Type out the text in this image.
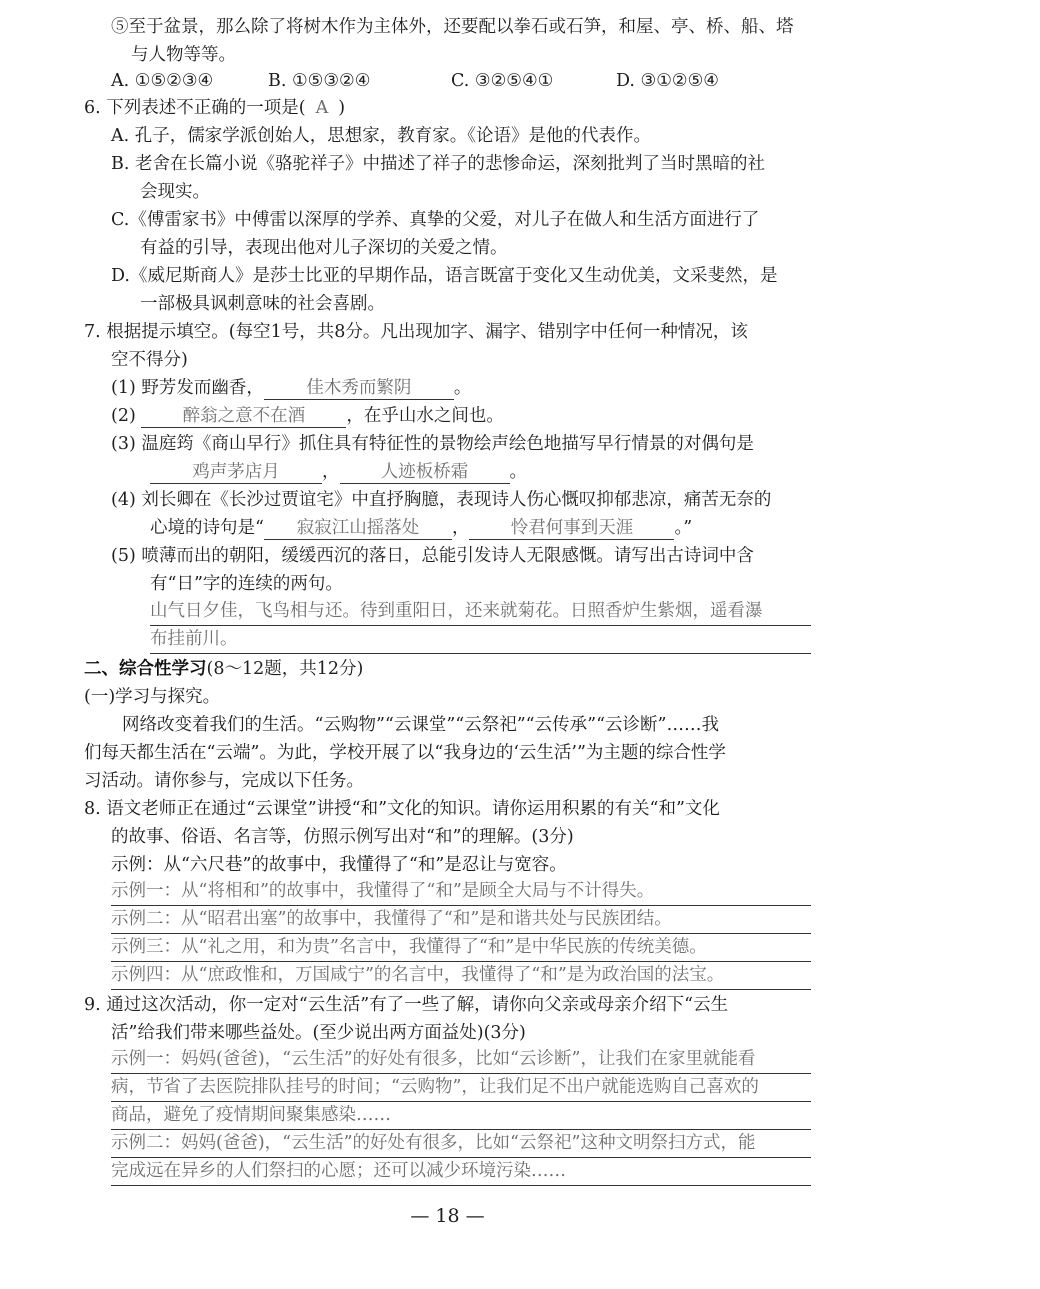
⑤至于盆景，那么除了将树木作为主体外，还要配以拳石或石笋，和屋、亭、桥、船、塔
与人物等等。
A. ①⑤②③④	B. ①⑤③②④	C. ③②⑤④①	D. ③①②⑤④
6. 下列表述不正确的一项是( A )
A. 孔子，儒家学派创始人，思想家，教育家。《论语》是他的代表作。
B. 老舍在长篇小说《骆驼祥子》中描述了祥子的悲惨命运，深刻批判了当时黑暗的社
会现实。
C.《傅雷家书》中傅雷以深厚的学养、真挚的父爱，对儿子在做人和生活方面进行了
有益的引导，表现出他对儿子深切的关爱之情。
D.《威尼斯商人》是莎士比亚的早期作品，语言既富于变化又生动优美，文采斐然，是
一部极具讽刺意味的社会喜剧。
7. 根据提示填空。(每空1号，共8分。凡出现加字、漏字、错别字中任何一种情况，该
空不得分)
(1) 野芳发而幽香， 佳木秀而繁阴 。
(2)	醉翁之意不在酒 ，在乎山水之间也。
(3) 温庭筠《商山早行》抓住具有特征性的景物绘声绘色地描写早行情景的对偶句是
鸡声茅店月 ， 人迹板桥霜 。
(4) 刘长卿在《长沙过贾谊宅》中直抒胸臆，表现诗人伤心慨叹抑郁悲凉，痛苦无奈的
心境的诗句是“ 寂寂江山摇落处 ， 怜君何事到天涯 。”
(5) 喷薄而出的朝阳，缓缓西沉的落日，总能引发诗人无限感慨。请写出古诗词中含
有“日”字的连续的两句。
山气日夕佳，飞鸟相与还。待到重阳日，还来就菊花。日照香炉生紫烟，遥看瀑
布挂前川。
二、综合性学习(8～12题，共12分)
(一)学习与探究。
网络改变着我们的生活。“云购物”“云课堂”“云祭祀”“云传承”“云诊断”……我
们每天都生活在“云端”。为此，学校开展了以“我身边的‘云生活’”为主题的综合性学
习活动。请你参与，完成以下任务。
8. 语文老师正在通过“云课堂”讲授“和”文化的知识。请你运用积累的有关“和”文化
的故事、俗语、名言等，仿照示例写出对“和”的理解。(3分)
示例：从“六尺巷”的故事中，我懂得了“和”是忍让与宽容。
示例一：从“将相和”的故事中，我懂得了“和”是顾全大局与不计得失。
示例二：从“昭君出塞”的故事中，我懂得了“和”是和谐共处与民族团结。
示例三：从“礼之用，和为贵”名言中，我懂得了“和”是中华民族的传统美德。
示例四：从“庶政惟和，万国咸宁”的名言中，我懂得了“和”是为政治国的法宝。
9. 通过这次活动，你一定对“云生活”有了一些了解，请你向父亲或母亲介绍下“云生
活”给我们带来哪些益处。(至少说出两方面益处)(3分)
示例一：妈妈(爸爸)，“云生活”的好处有很多，比如“云诊断”，让我们在家里就能看
病，节省了去医院排队挂号的时间；“云购物”，让我们足不出户就能选购自己喜欢的
商品，避免了疫情期间聚集感染……
示例二：妈妈(爸爸)，“云生活”的好处有很多，比如“云祭祀”这种文明祭扫方式，能
完成远在异乡的人们祭扫的心愿；还可以减少环境污染……
— 18 —
